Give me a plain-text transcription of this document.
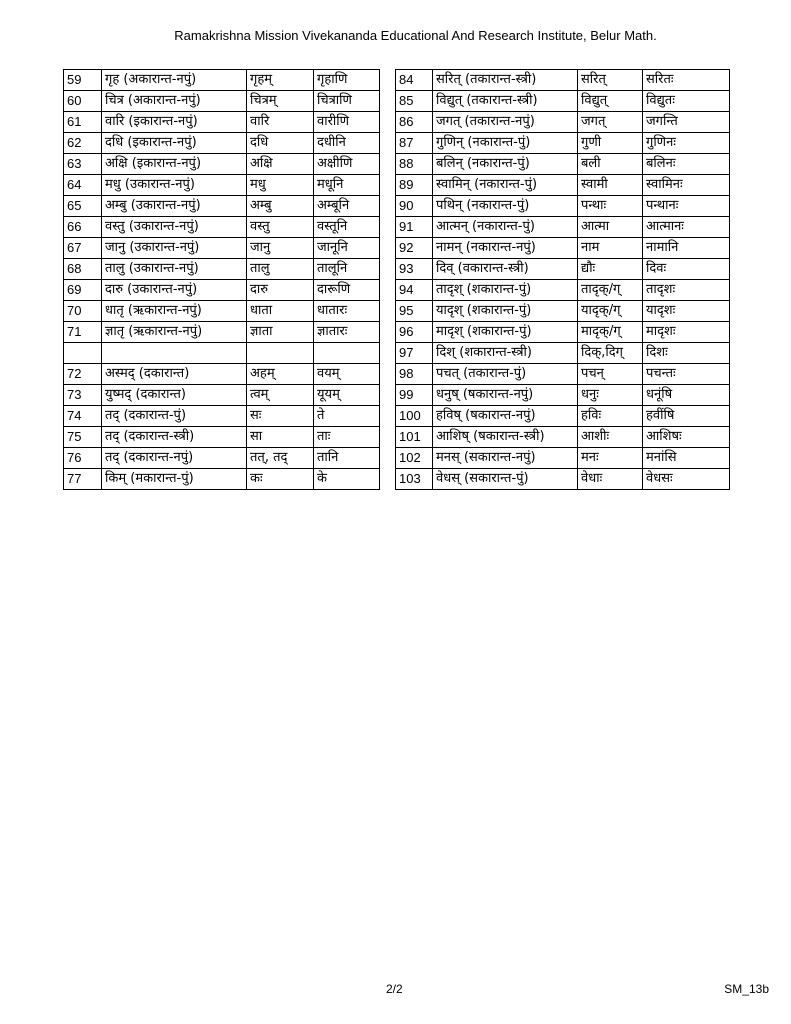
Ramakrishna Mission Vivekananda Educational And Research Institute, Belur Math.
59	गृह (अकारान्त-नपुं)	गृहम्	गृहाणि
60	चित्र (अकारान्त-नपुं)	चित्रम्	चित्राणि
61	वारि (इकारान्त-नपुं)	वारि	वारीणि
62	दधि (इकारान्त-नपुं)	दधि	दधीनि
63	अक्षि (इकारान्त-नपुं)	अक्षि	अक्षीणि
64	मधु (उकारान्त-नपुं)	मधु	मधूनि
65	अम्बु (उकारान्त-नपुं)	अम्बु	अम्बूनि
66	वस्तु (उकारान्त-नपुं)	वस्तु	वस्तूनि
67	जानु (उकारान्त-नपुं)	जानु	जानूनि
68	तालु (उकारान्त-नपुं)	तालु	तालूनि
69	दारु (उकारान्त-नपुं)	दारु	दारूणि
70	धातृ (ऋकारान्त-नपुं)	धाता	धातारः
71	ज्ञातृ (ऋकारान्त-नपुं)	ज्ञाता	ज्ञातारः

72	अस्मद् (दकारान्त)	अहम्	वयम्
73	युष्मद् (दकारान्त)	त्वम्	यूयम्
74	तद् (दकारान्त-पुं)	सः	ते
75	तद् (दकारान्त-स्त्री)	सा	ताः
76	तद् (दकारान्त-नपुं)	तत्, तद्	तानि
77	किम् (मकारान्त-पुं)	कः	के
84	सरित् (तकारान्त-स्त्री)	सरित्	सरितः
85	विद्युत् (तकारान्त-स्त्री)	विद्युत्	विद्युतः
86	जगत् (तकारान्त-नपुं)	जगत्	जगन्ति
87	गुणिन् (नकारान्त-पुं)	गुणी	गुणिनः
88	बलिन् (नकारान्त-पुं)	बली	बलिनः
89	स्वामिन् (नकारान्त-पुं)	स्वामी	स्वामिनः
90	पथिन् (नकारान्त-पुं)	पन्थाः	पन्थानः
91	आत्मन् (नकारान्त-पुं)	आत्मा	आत्मानः
92	नामन् (नकारान्त-नपुं)	नाम	नामानि
93	दिव् (वकारान्त-स्त्री)	द्यौः	दिवः
94	तादृश् (शकारान्त-पुं)	तादृक्/ग्	तादृशः
95	यादृश् (शकारान्त-पुं)	यादृक्/ग्	यादृशः
96	मादृश् (शकारान्त-पुं)	मादृक्/ग्	मादृशः
97	दिश् (शकारान्त-स्त्री)	दिक्,दिग्	दिशः
98	पचत् (तकारान्त-पुं)	पचन्	पचन्तः
99	धनुष् (षकारान्त-नपुं)	धनुः	धनूंषि
100	हविष् (षकारान्त-नपुं)	हविः	हवींषि
101	आशिष् (षकारान्त-स्त्री)	आशीः	आशिषः
102	मनस् (सकारान्त-नपुं)	मनः	मनांसि
103	वेधस् (सकारान्त-पुं)	वेधाः	वेधसः
2/2	SM_13b
